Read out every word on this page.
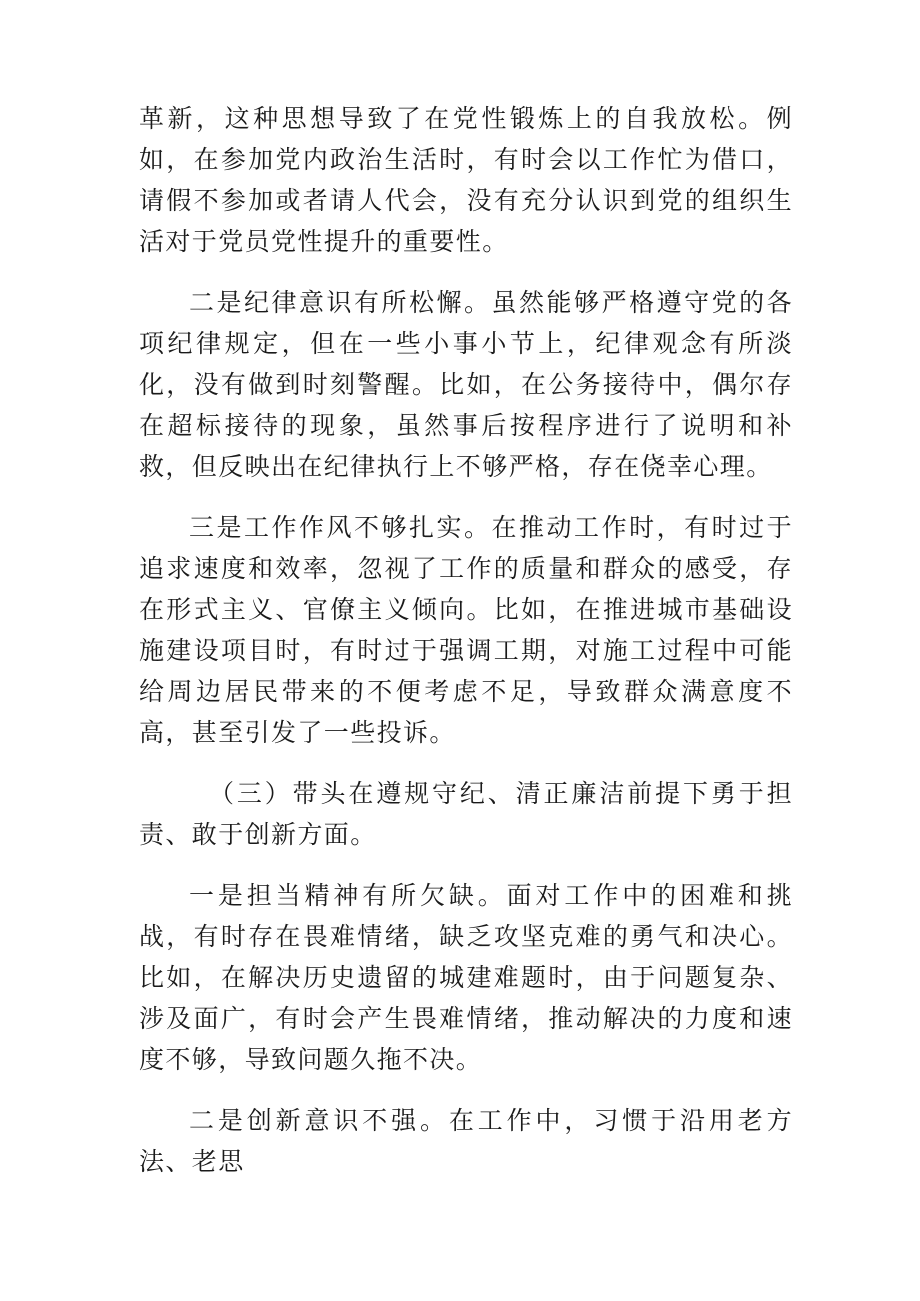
革新，这种思想导致了在党性锻炼上的自我放松。例如，在参加党内政治生活时，有时会以工作忙为借口，请假不参加或者请人代会，没有充分认识到党的组织生活对于党员党性提升的重要性。

二是纪律意识有所松懈。虽然能够严格遵守党的各项纪律规定，但在一些小事小节上，纪律观念有所淡化，没有做到时刻警醒。比如，在公务接待中，偶尔存在超标接待的现象，虽然事后按程序进行了说明和补救，但反映出在纪律执行上不够严格，存在侥幸心理。

三是工作作风不够扎实。在推动工作时，有时过于追求速度和效率，忽视了工作的质量和群众的感受，存在形式主义、官僚主义倾向。比如，在推进城市基础设施建设项目时，有时过于强调工期，对施工过程中可能给周边居民带来的不便考虑不足，导致群众满意度不高，甚至引发了一些投诉。

（三）带头在遵规守纪、清正廉洁前提下勇于担责、敢于创新方面。

一是担当精神有所欠缺。面对工作中的困难和挑战，有时存在畏难情绪，缺乏攻坚克难的勇气和决心。比如，在解决历史遗留的城建难题时，由于问题复杂、涉及面广，有时会产生畏难情绪，推动解决的力度和速度不够，导致问题久拖不决。

二是创新意识不强。在工作中，习惯于沿用老方法、老思
